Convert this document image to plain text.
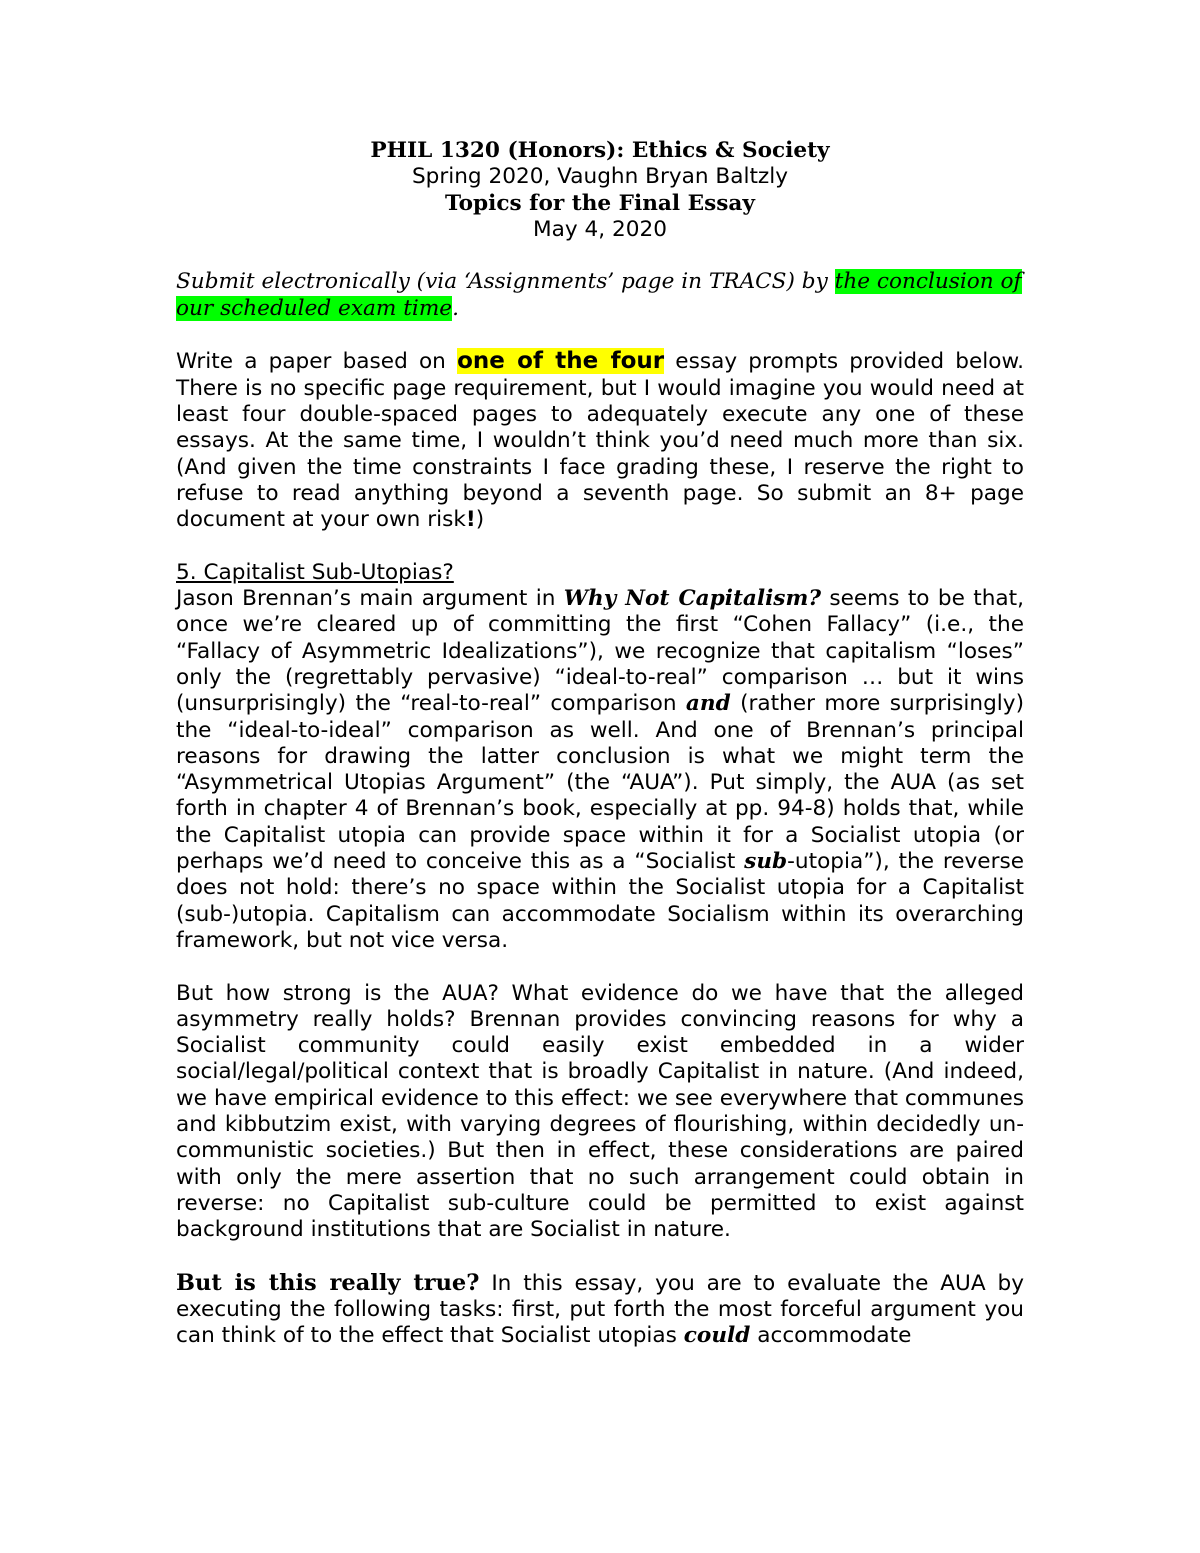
PHIL 1320 (Honors): Ethics & Society
Spring 2020, Vaughn Bryan Baltzly
Topics for the Final Essay
May 4, 2020
Submit electronically (via ‘Assignments’ page in TRACS) by the conclusion of our scheduled exam time.

Write a paper based on one of the four essay prompts provided below. There is no specific page requirement, but I would imagine you would need at least four double-spaced pages to adequately execute any one of these essays. At the same time, I wouldn’t think you’d need much more than six. (And given the time constraints I face grading these, I reserve the right to refuse to read anything beyond a seventh page. So submit an 8+ page document at your own risk!)

5. Capitalist Sub-Utopias?
Jason Brennan’s main argument in Why Not Capitalism? seems to be that, once we’re cleared up of committing the first “Cohen Fallacy” (i.e., the “Fallacy of Asymmetric Idealizations”), we recognize that capitalism “loses” only the (regrettably pervasive) “ideal-to-real” comparison … but it wins (unsurprisingly) the “real-to-real” comparison and (rather more surprisingly) the “ideal-to-ideal” comparison as well. And one of Brennan’s principal reasons for drawing the latter conclusion is what we might term the “Asymmetrical Utopias Argument” (the “AUA”). Put simply, the AUA (as set forth in chapter 4 of Brennan’s book, especially at pp. 94-8) holds that, while the Capitalist utopia can provide space within it for a Socialist utopia (or perhaps we’d need to conceive this as a “Socialist sub-utopia”), the reverse does not hold: there’s no space within the Socialist utopia for a Capitalist (sub-)utopia. Capitalism can accommodate Socialism within its overarching framework, but not vice versa.

But how strong is the AUA? What evidence do we have that the alleged asymmetry really holds? Brennan provides convincing reasons for why a Socialist community could easily exist embedded in a wider social/legal/political context that is broadly Capitalist in nature. (And indeed, we have empirical evidence to this effect: we see everywhere that communes and kibbutzim exist, with varying degrees of flourishing, within decidedly un-communistic societies.) But then in effect, these considerations are paired with only the mere assertion that no such arrangement could obtain in reverse: no Capitalist sub-culture could be permitted to exist against background institutions that are Socialist in nature.

But is this really true? In this essay, you are to evaluate the AUA by executing the following tasks: first, put forth the most forceful argument you can think of to the effect that Socialist utopias could accommodate
